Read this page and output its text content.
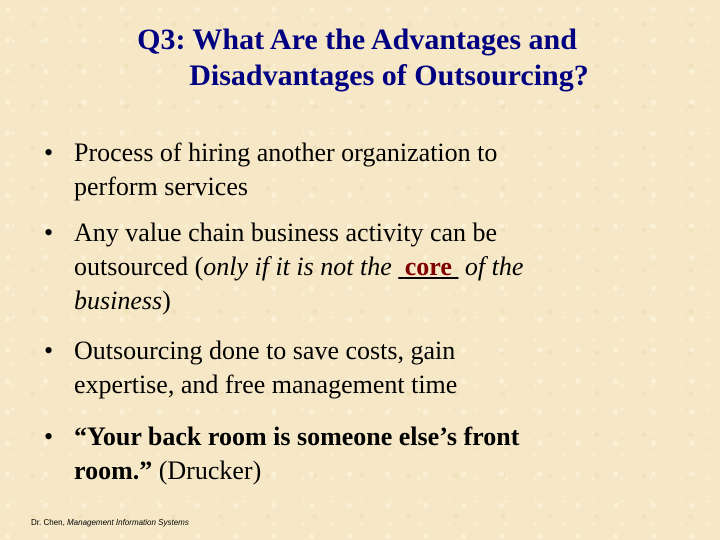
Q3: What Are the Advantages and
Disadvantages of Outsourcing?
• Process of hiring another organization to
perform services
• Any value chain business activity can be
outsourced (only if it is not the  core  of the
business)
• Outsourcing done to save costs, gain
expertise, and free management time
• “Your back room is someone else’s front
room.” (Drucker)
Dr. Chen, Management Information Systems
